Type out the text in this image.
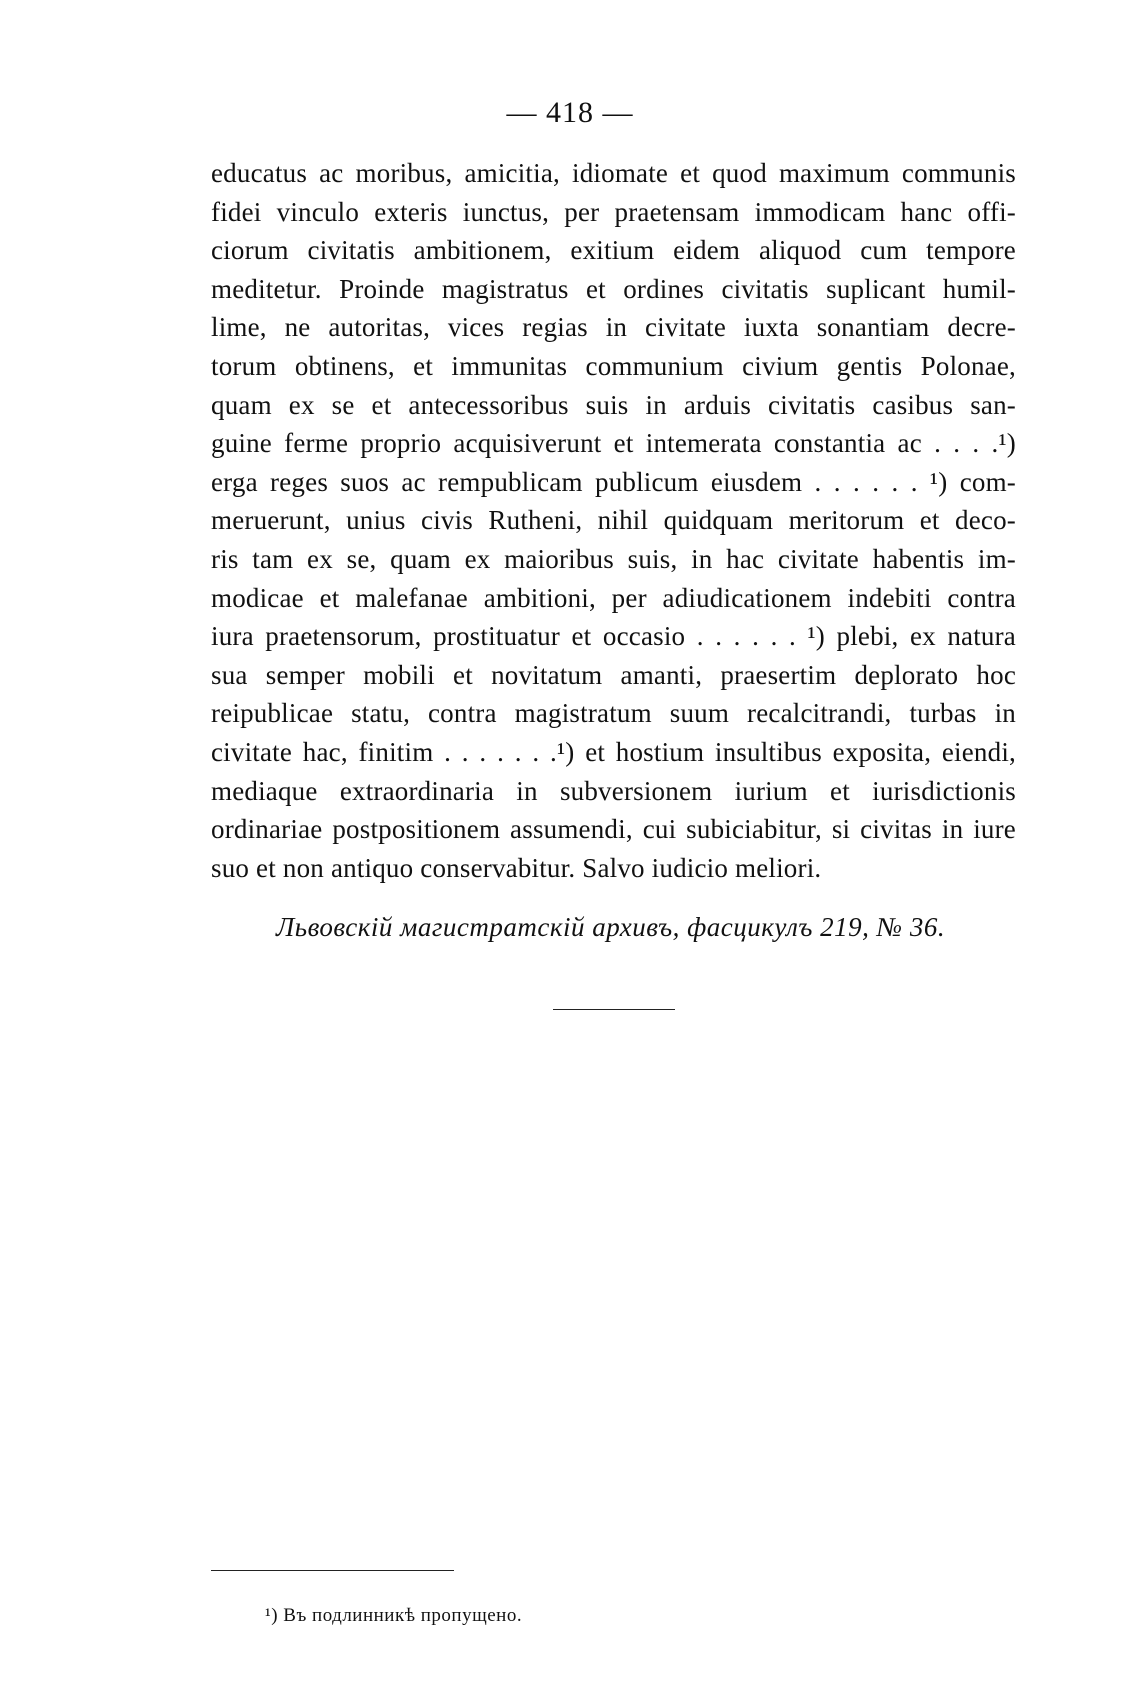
— 418 —
educatus ac moribus, amicitia, idiomate et quod maximum communis
fidei vinculo exteris iunctus, per praetensam immodicam hanc offi-
ciorum civitatis ambitionem, exitium eidem aliquod cum tempore
meditetur. Proinde magistratus et ordines civitatis suplicant humil-
lime, ne autoritas, vices regias in civitate iuxta sonantiam decre-
torum obtinens, et immunitas communium civium gentis Polonae,
quam ex se et antecessoribus suis in arduis civitatis casibus san-
guine ferme proprio acquisiverunt et intemerata constantia ac . . . .¹)
erga reges suos ac rempublicam publicum eiusdem . . . . . . ¹) com-
meruerunt, unius civis Rutheni, nihil quidquam meritorum et deco-
ris tam ex se, quam ex maioribus suis, in hac civitate habentis im-
modicae et malefanae ambitioni, per adiudicationem indebiti contra
iura praetensorum, prostituatur et occasio . . . . . . ¹) plebi, ex natura
sua semper mobili et novitatum amanti, praesertim deplorato hoc
reipublicae statu, contra magistratum suum recalcitrandi, turbas in
civitate hac, finitim . . . . . . .¹) et hostium insultibus exposita, eiendi,
mediaque extraordinaria in subversionem iurium et iurisdictionis
ordinariae postpositionem assumendi, cui subiciabitur, si civitas in iure
suo et non antiquo conservabitur. Salvo iudicio meliori.
Львовскій магистратскій архивъ, фасцикулъ 219, № 36.
¹) Въ подлинникѣ пропущено.
